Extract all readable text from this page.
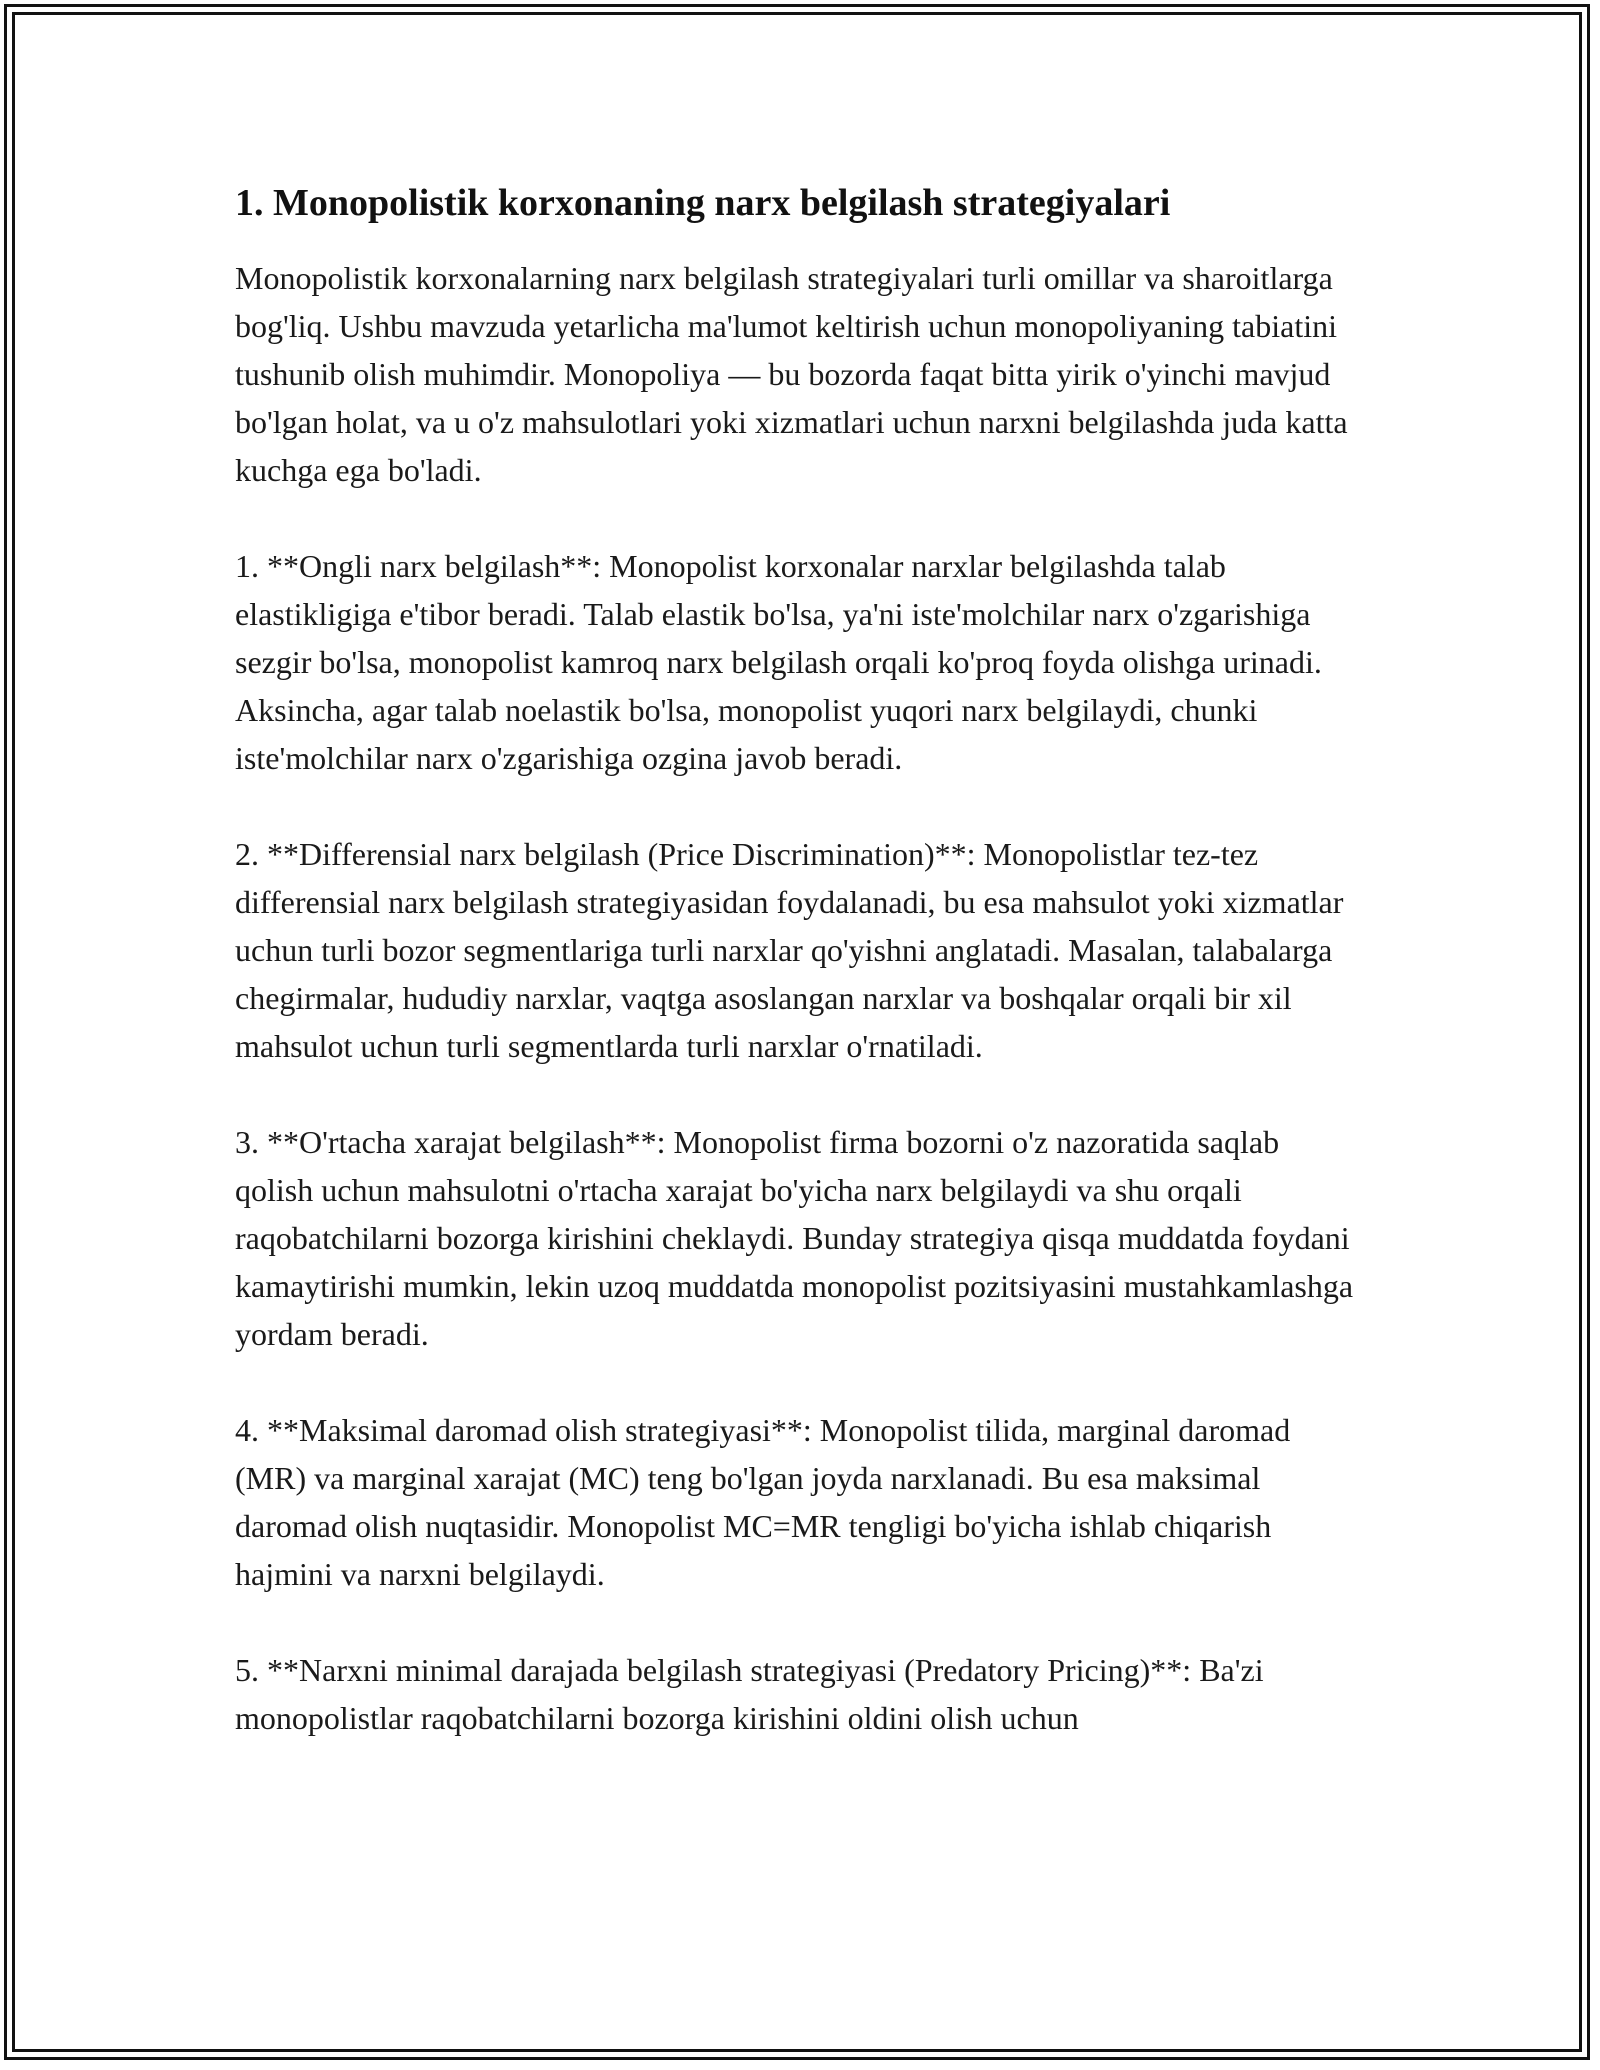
1. Monopolistik korxonaning narx belgilash strategiyalari

Monopolistik korxonalarning narx belgilash strategiyalari turli omillar va sharoitlarga bog'liq. Ushbu mavzuda yetarlicha ma'lumot keltirish uchun monopoliyaning tabiatini tushunib olish muhimdir. Monopoliya — bu bozorda faqat bitta yirik o'yinchi mavjud bo'lgan holat, va u o'z mahsulotlari yoki xizmatlari uchun narxni belgilashda juda katta kuchga ega bo'ladi.

1. **Ongli narx belgilash**: Monopolist korxonalar narxlar belgilashda talab elastikligiga e'tibor beradi. Talab elastik bo'lsa, ya'ni iste'molchilar narx o'zgarishiga sezgir bo'lsa, monopolist kamroq narx belgilash orqali ko'proq foyda olishga urinadi. Aksincha, agar talab noelastik bo'lsa, monopolist yuqori narx belgilaydi, chunki iste'molchilar narx o'zgarishiga ozgina javob beradi.

2. **Differensial narx belgilash (Price Discrimination)**: Monopolistlar tez-tez differensial narx belgilash strategiyasidan foydalanadi, bu esa mahsulot yoki xizmatlar uchun turli bozor segmentlariga turli narxlar qo'yishni anglatadi. Masalan, talabalarga chegirmalar, hududiy narxlar, vaqtga asoslangan narxlar va boshqalar orqali bir xil mahsulot uchun turli segmentlarda turli narxlar o'rnatiladi.

3. **O'rtacha xarajat belgilash**: Monopolist firma bozorni o'z nazoratida saqlab qolish uchun mahsulotni o'rtacha xarajat bo'yicha narx belgilaydi va shu orqali raqobatchilarni bozorga kirishini cheklaydi. Bunday strategiya qisqa muddatda foydani kamaytirishi mumkin, lekin uzoq muddatda monopolist pozitsiyasini mustahkamlashga yordam beradi.

4. **Maksimal daromad olish strategiyasi**: Monopolist tilida, marginal daromad (MR) va marginal xarajat (MC) teng bo'lgan joyda narxlanadi. Bu esa maksimal daromad olish nuqtasidir. Monopolist MC=MR tengligi bo'yicha ishlab chiqarish hajmini va narxni belgilaydi.

5. **Narxni minimal darajada belgilash strategiyasi (Predatory Pricing)**: Ba'zi monopolistlar raqobatchilarni bozorga kirishini oldini olish uchun
